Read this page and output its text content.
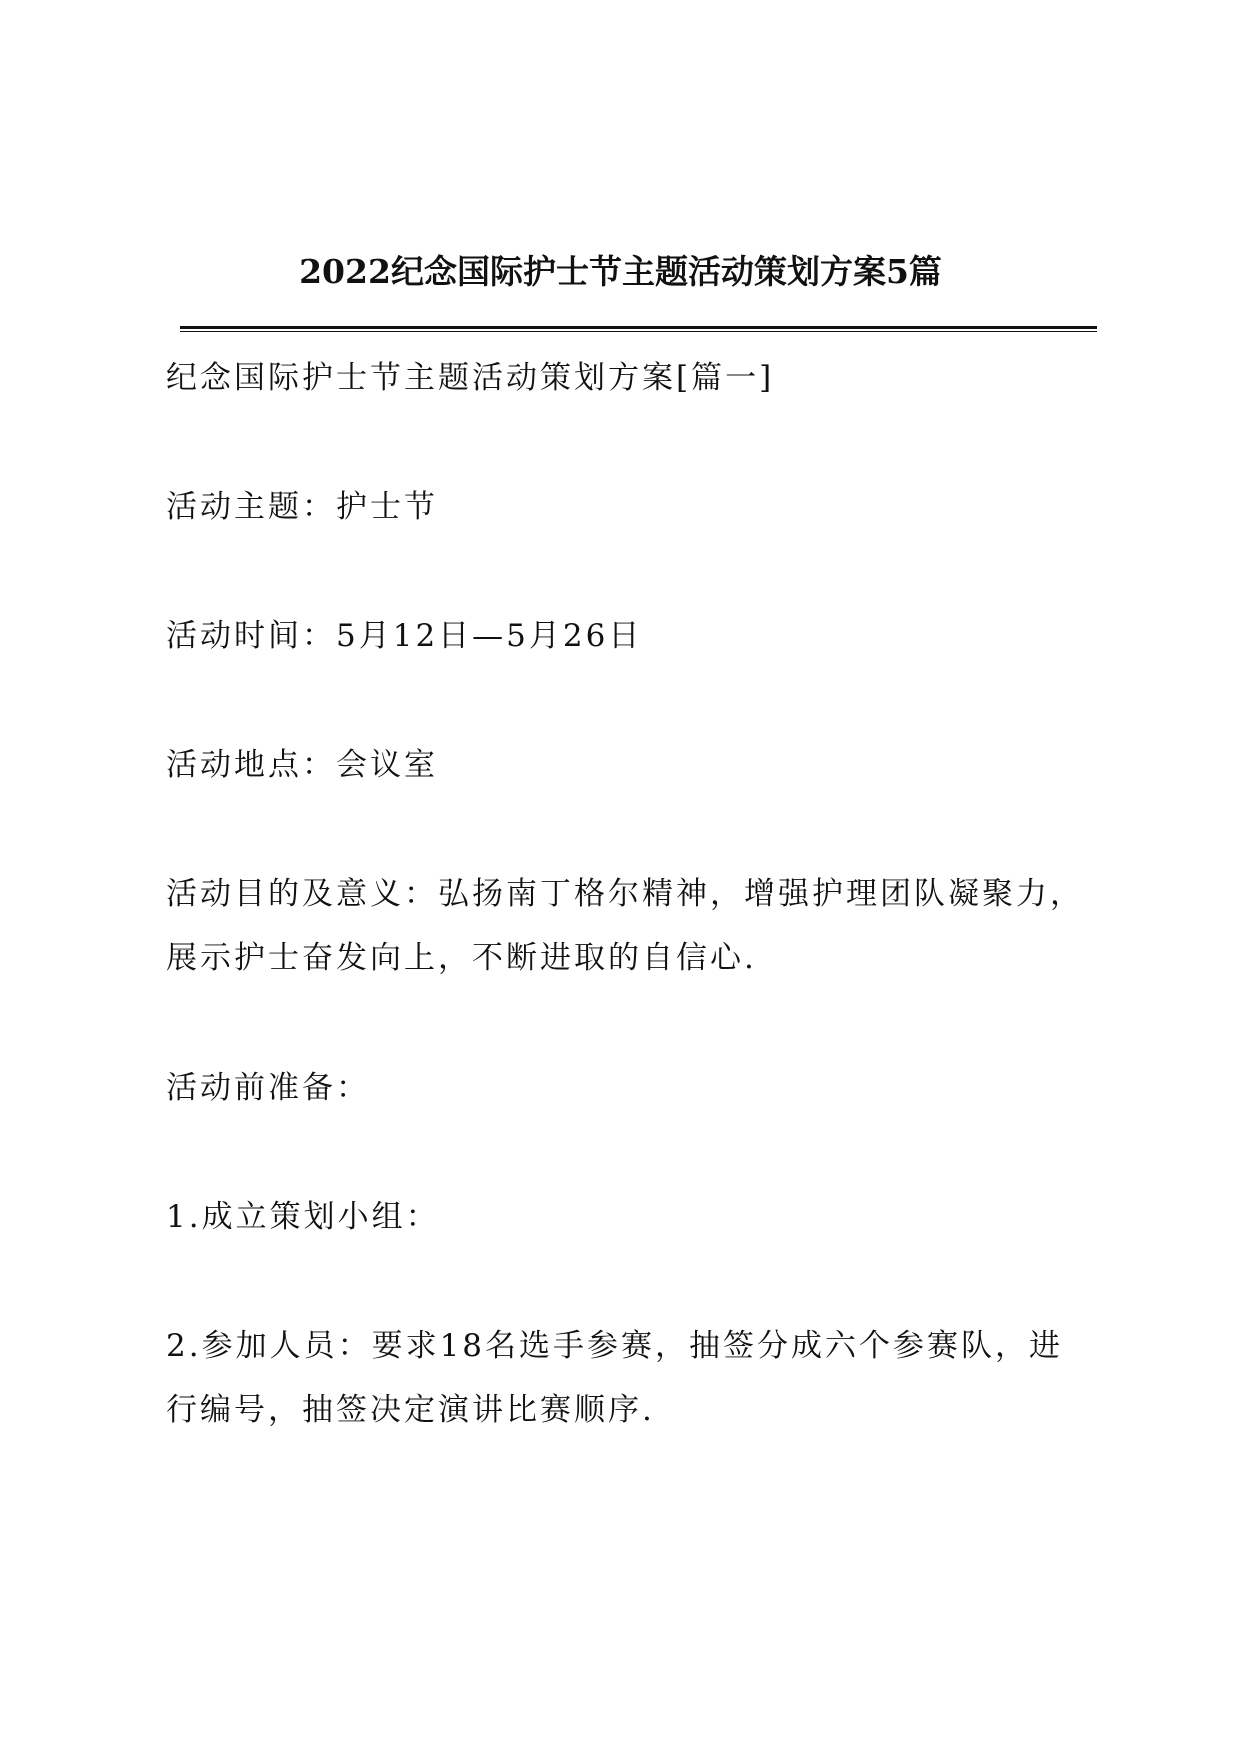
2022纪念国际护士节主题活动策划方案5篇
纪念国际护士节主题活动策划方案[篇一]
活动主题：护士节
活动时间：5月12日—5月26日
活动地点：会议室
活动目的及意义：弘扬南丁格尔精神，增强护理团队凝聚力，展示护士奋发向上，不断进取的自信心.
活动前准备：
1.成立策划小组：
2.参加人员：要求18名选手参赛，抽签分成六个参赛队，进行编号，抽签决定演讲比赛顺序.
